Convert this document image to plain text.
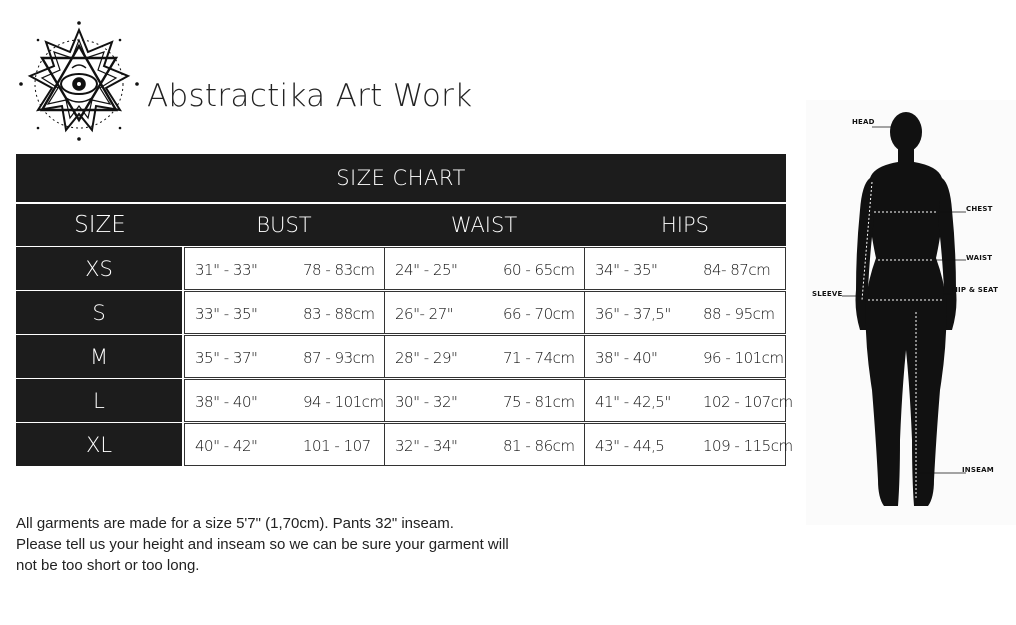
Abstractika Art Work
SIZE CHART
SIZE	BUST	WAIST	HIPS
XS	31" - 33"	78 - 83cm 24" - 25"	60 - 65cm 34" - 35"	84- 87cm
S	33" - 35"	83 - 88cm 26"- 27"	66 - 70cm 36" - 37,5" 88 - 95cm
M	35" - 37"	87 - 93cm 28" - 29"	71 - 74cm 38" - 40"	96 - 101cm
L	38" - 40"	94 - 101cm 30" - 32"	75 - 81cm 41" - 42,5" 102 - 107cm
XL	40" - 42"	101 - 107 32" - 34"	81 - 86cm 43" - 44,5	109 - 115cm
All garments are made for a size 5'7" (1,70cm). Pants 32" inseam.
Please tell us your height and inseam so we can be sure your garment will
not be too short or too long.
HEAD
CHEST
WAIST
HIP & SEAT
SLEEVE
INSEAM
